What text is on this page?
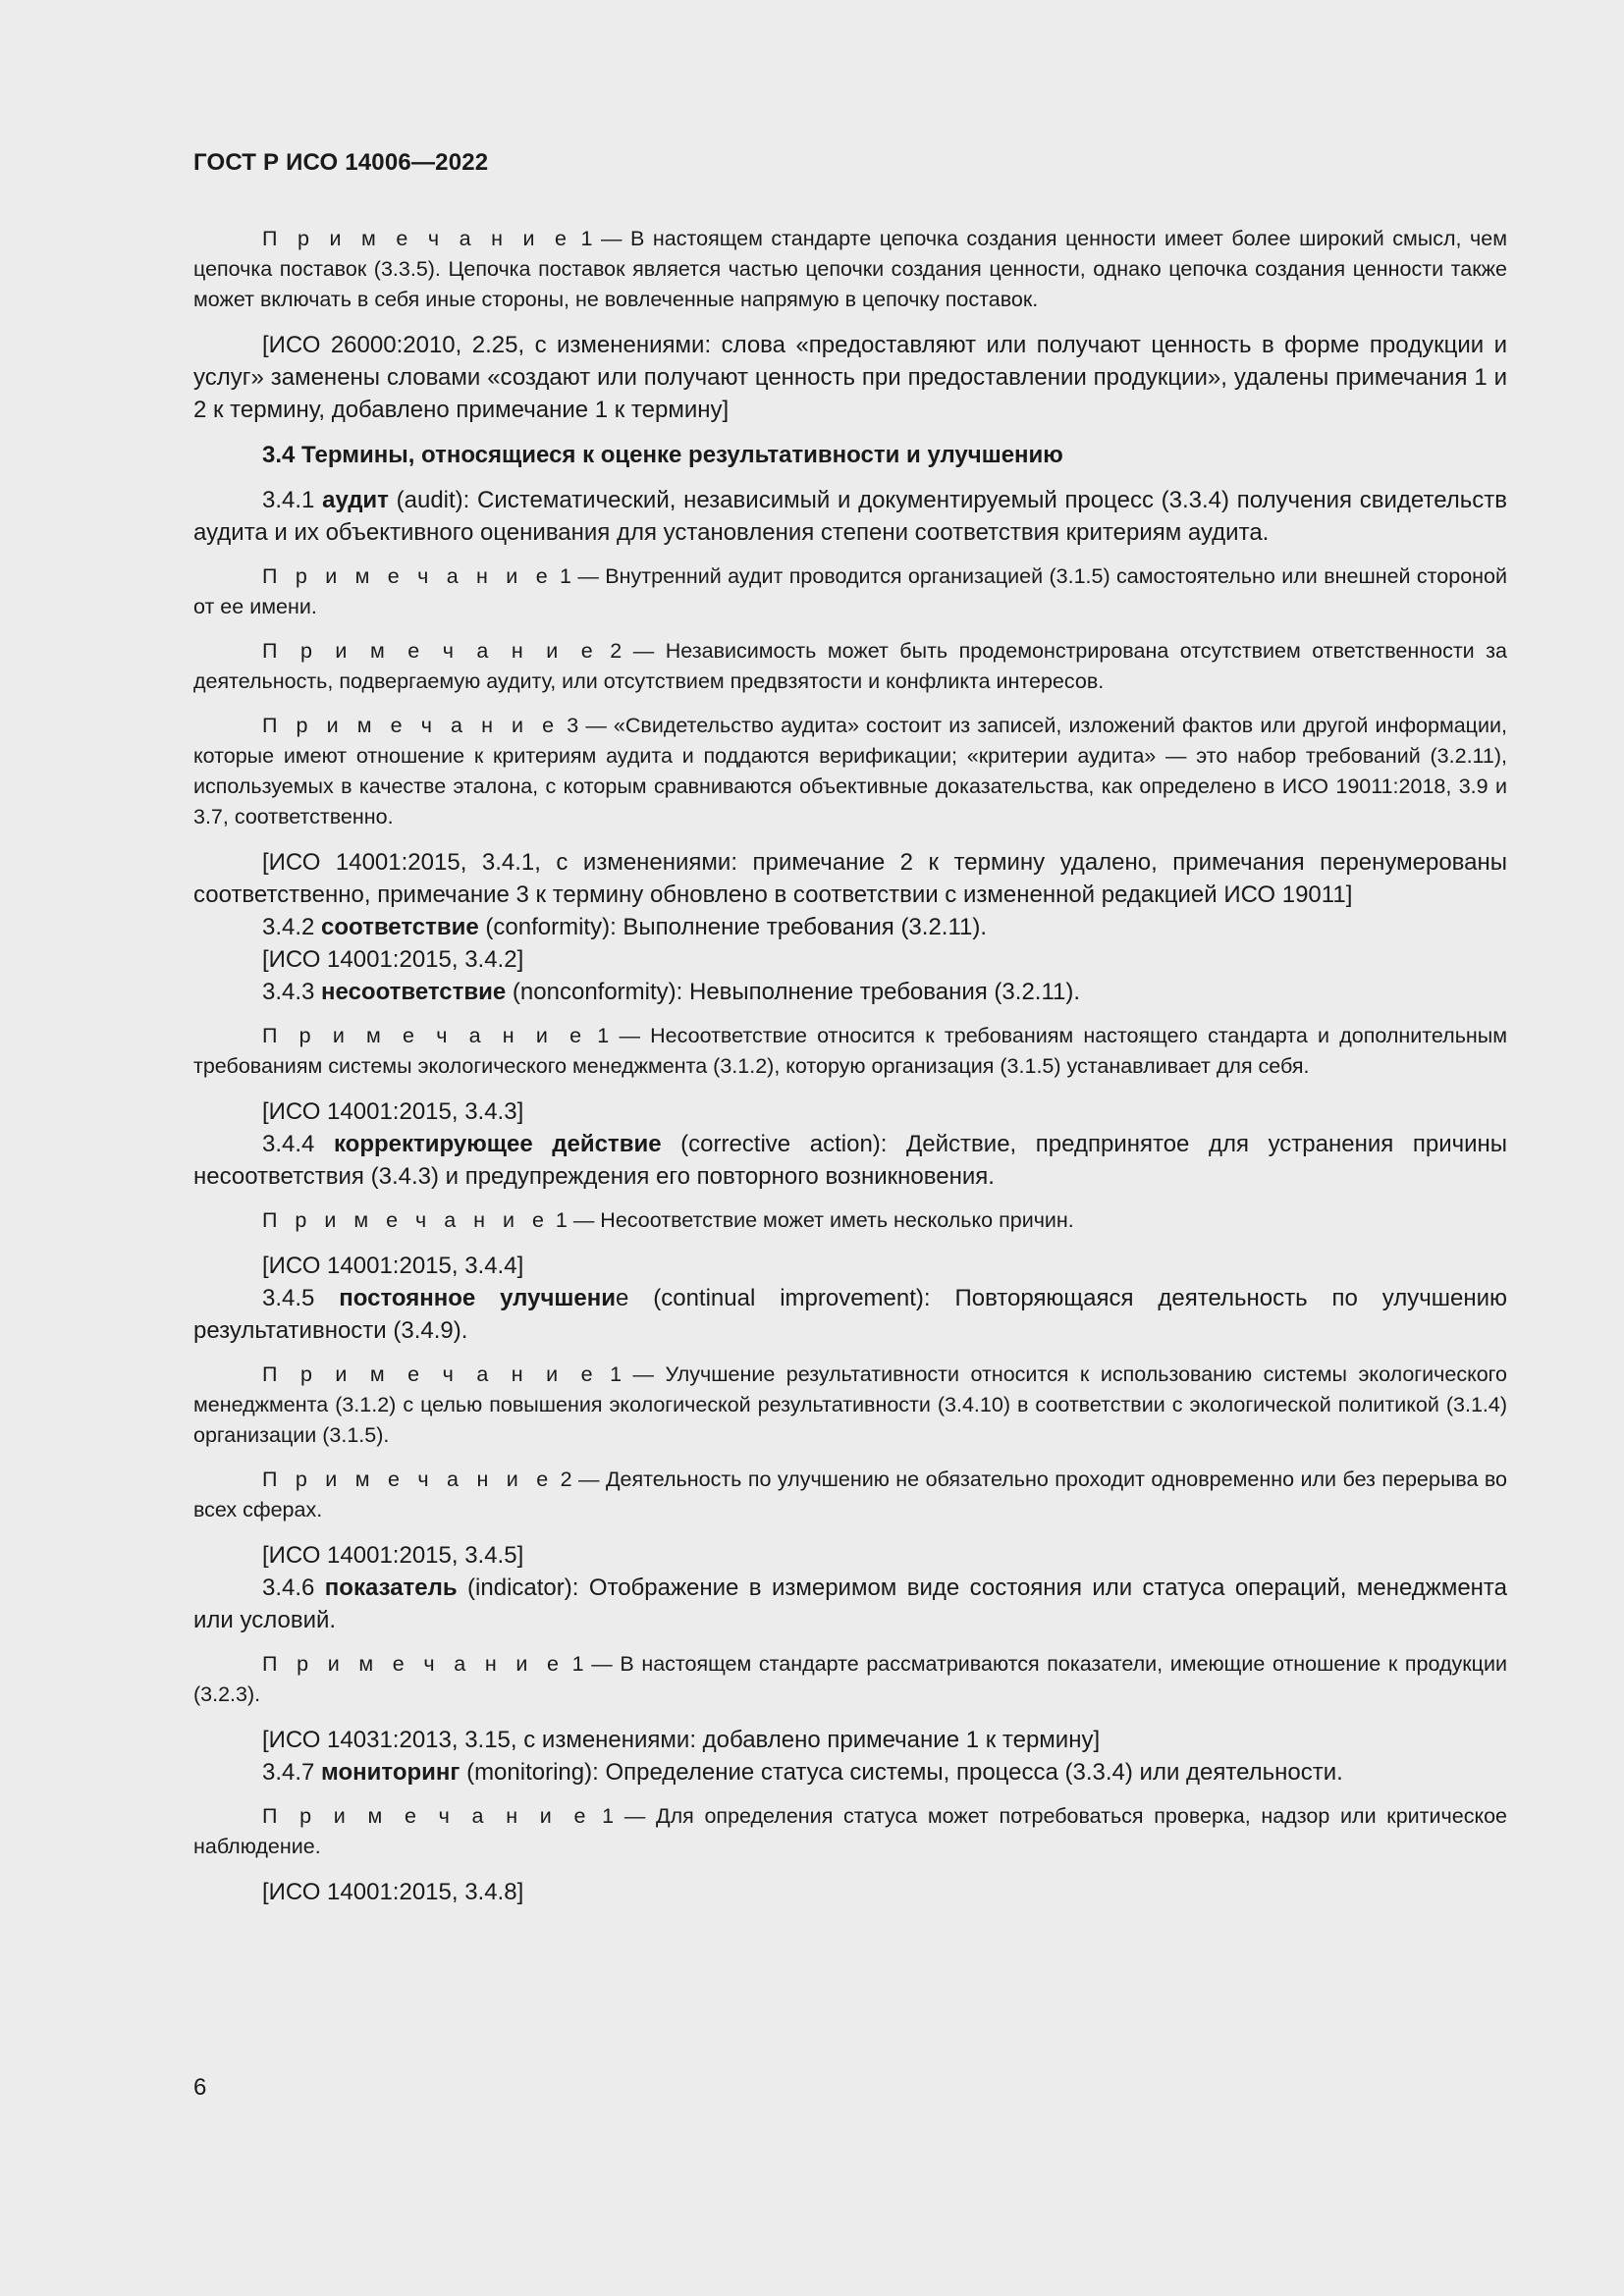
ГОСТ Р ИСО 14006—2022

П р и м е ч а н и е 1 — В настоящем стандарте цепочка создания ценности имеет более широкий смысл, чем цепочка поставок (3.3.5). Цепочка поставок является частью цепочки создания ценности, однако цепочка создания ценности также может включать в себя иные стороны, не вовлеченные напрямую в цепочку поставок.

[ИСО 26000:2010, 2.25, с изменениями: слова «предоставляют или получают ценность в форме продукции и услуг» заменены словами «создают или получают ценность при предоставлении продукции», удалены примечания 1 и 2 к термину, добавлено примечание 1 к термину]

3.4 Термины, относящиеся к оценке результативности и улучшению

3.4.1 аудит (audit): Систематический, независимый и документируемый процесс (3.3.4) получения свидетельств аудита и их объективного оценивания для установления степени соответствия критериям аудита.

П р и м е ч а н и е 1 — Внутренний аудит проводится организацией (3.1.5) самостоятельно или внешней стороной от ее имени.

П р и м е ч а н и е 2 — Независимость может быть продемонстрирована отсутствием ответственности за деятельность, подвергаемую аудиту, или отсутствием предвзятости и конфликта интересов.

П р и м е ч а н и е 3 — «Свидетельство аудита» состоит из записей, изложений фактов или другой информации, которые имеют отношение к критериям аудита и поддаются верификации; «критерии аудита» — это набор требований (3.2.11), используемых в качестве эталона, с которым сравниваются объективные доказательства, как определено в ИСО 19011:2018, 3.9 и 3.7, соответственно.

[ИСО 14001:2015, 3.4.1, с изменениями: примечание 2 к термину удалено, примечания перенумерованы соответственно, примечание 3 к термину обновлено в соответствии с измененной редакцией ИСО 19011]

3.4.2 соответствие (conformity): Выполнение требования (3.2.11).

[ИСО 14001:2015, 3.4.2]

3.4.3 несоответствие (nonconformity): Невыполнение требования (3.2.11).

П р и м е ч а н и е 1 — Несоответствие относится к требованиям настоящего стандарта и дополнительным требованиям системы экологического менеджмента (3.1.2), которую организация (3.1.5) устанавливает для себя.

[ИСО 14001:2015, 3.4.3]

3.4.4 корректирующее действие (corrective action): Действие, предпринятое для устранения причины несоответствия (3.4.3) и предупреждения его повторного возникновения.

П р и м е ч а н и е 1 — Несоответствие может иметь несколько причин.

[ИСО 14001:2015, 3.4.4]

3.4.5 постоянное улучшение (continual improvement): Повторяющаяся деятельность по улучшению результативности (3.4.9).

П р и м е ч а н и е 1 — Улучшение результативности относится к использованию системы экологического менеджмента (3.1.2) с целью повышения экологической результативности (3.4.10) в соответствии с экологической политикой (3.1.4) организации (3.1.5).

П р и м е ч а н и е 2 — Деятельность по улучшению не обязательно проходит одновременно или без перерыва во всех сферах.

[ИСО 14001:2015, 3.4.5]

3.4.6 показатель (indicator): Отображение в измеримом виде состояния или статуса операций, менеджмента или условий.

П р и м е ч а н и е 1 — В настоящем стандарте рассматриваются показатели, имеющие отношение к продукции (3.2.3).

[ИСО 14031:2013, 3.15, с изменениями: добавлено примечание 1 к термину]

3.4.7 мониторинг (monitoring): Определение статуса системы, процесса (3.3.4) или деятельности.

П р и м е ч а н и е 1 — Для определения статуса может потребоваться проверка, надзор или критическое наблюдение.

[ИСО 14001:2015, 3.4.8]

6
